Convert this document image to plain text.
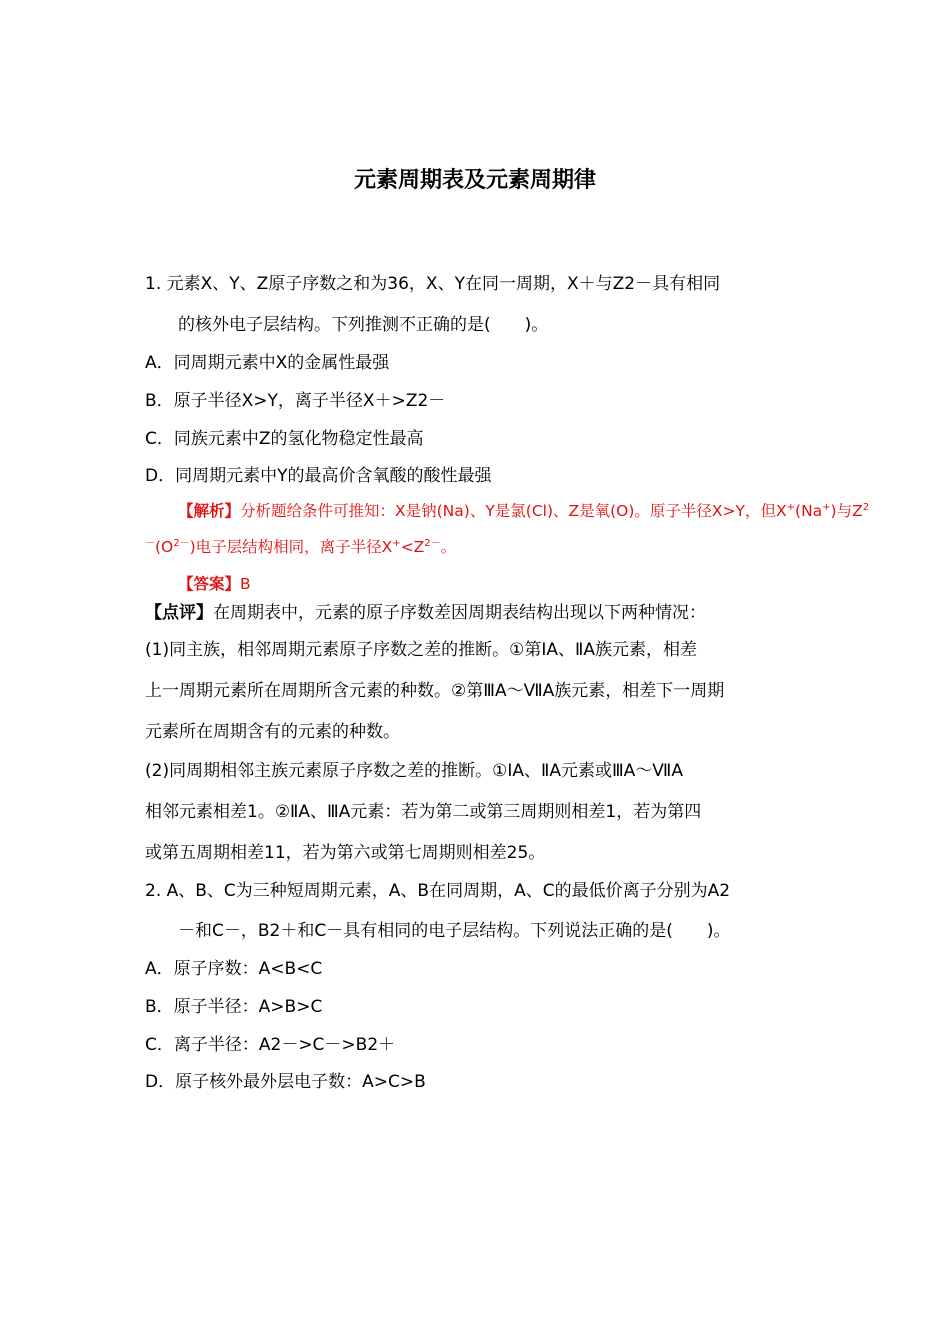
元素周期表及元素周期律
1. 元素X、Y、Z原子序数之和为36，X、Y在同一周期，X＋与Z2－具有相同
的核外电子层结构。下列推测不正确的是(　　)。
A．同周期元素中X的金属性最强
B．原子半径X>Y，离子半径X＋>Z2－
C．同族元素中Z的氢化物稳定性最高
D．同周期元素中Y的最高价含氧酸的酸性最强
【解析】分析题给条件可推知：X是钠(Na)、Y是氯(Cl)、Z是氧(O)。原子半径X>Y，但X+(Na+)与$Z^2$
$^-(O^{2-})$电子层结构相同，离子半径$X^+<Z^{2-}$。
【答案】B
【点评】在周期表中，元素的原子序数差因周期表结构出现以下两种情况：
(1)同主族，相邻周期元素原子序数之差的推断。①第ⅠA、ⅡA族元素，相差
上一周期元素所在周期所含元素的种数。②第ⅢA～ⅦA族元素，相差下一周期
元素所在周期含有的元素的种数。
(2)同周期相邻主族元素原子序数之差的推断。①ⅠA、ⅡA元素或ⅢA～ⅦA
相邻元素相差1。②ⅡA、ⅢA元素：若为第二或第三周期则相差1，若为第四
或第五周期相差11，若为第六或第七周期则相差25。
2. A、B、C为三种短周期元素，A、B在同周期，A、C的最低价离子分别为A2
－和C－，B2＋和C－具有相同的电子层结构。下列说法正确的是(　　)。
A．原子序数：A<B<C
B．原子半径：A>B>C
C．离子半径：A2－>C－>B2＋
D．原子核外最外层电子数：A>C>B
